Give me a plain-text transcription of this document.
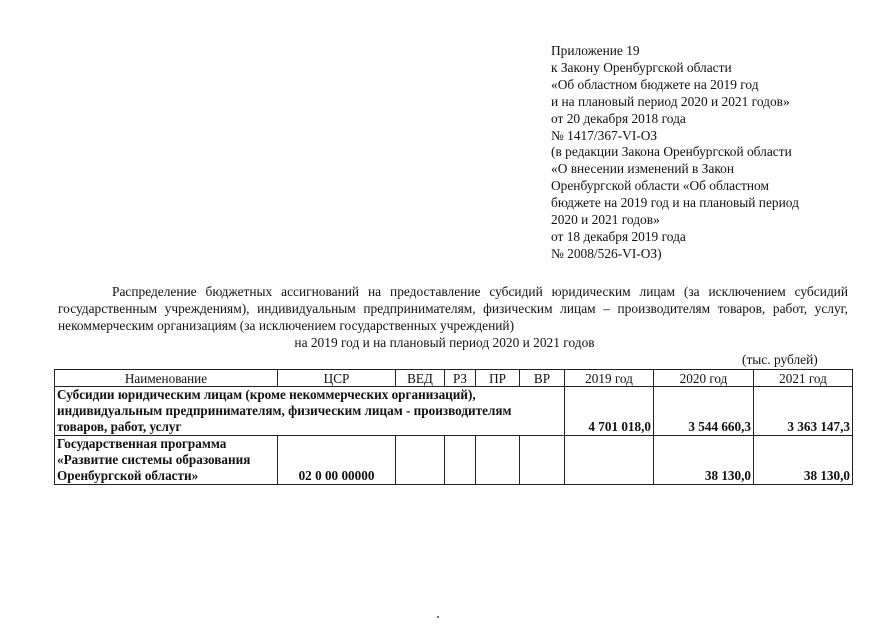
Приложение 19
к Закону Оренбургской области
«Об областном бюджете на 2019 год
и на плановый период 2020 и 2021 годов»
от 20 декабря 2018 года
№ 1417/367-VI-ОЗ
(в редакции Закона Оренбургской области
«О внесении изменений в Закон
Оренбургской области «Об областном
бюджете на 2019 год и на плановый период
2020 и 2021 годов»
от 18 декабря 2019 года
№ 2008/526-VI-ОЗ)
Распределение бюджетных ассигнований на предоставление субсидий юридическим лицам (за исключением субсидий государственным учреждениям), индивидуальным предпринимателям, физическим лицам – производителям товаров, работ, услуг, некоммерческим организациям (за исключением государственных учреждений)
на 2019 год и на плановый период 2020 и 2021 годов
(тыс. рублей)
Наименование	ЦСР	ВЕД	РЗ	ПР	ВР	2019 год	2020 год	2021 год
Субсидии юридическим лицам (кроме некоммерческих организаций), индивидуальным предпринимателям, физическим лицам - производителям товаров, работ, услуг						4 701 018,0	3 544 660,3	3 363 147,3
Государственная программа «Развитие системы образования Оренбургской области»	02 0 00 00000						38 130,0	38 130,0
